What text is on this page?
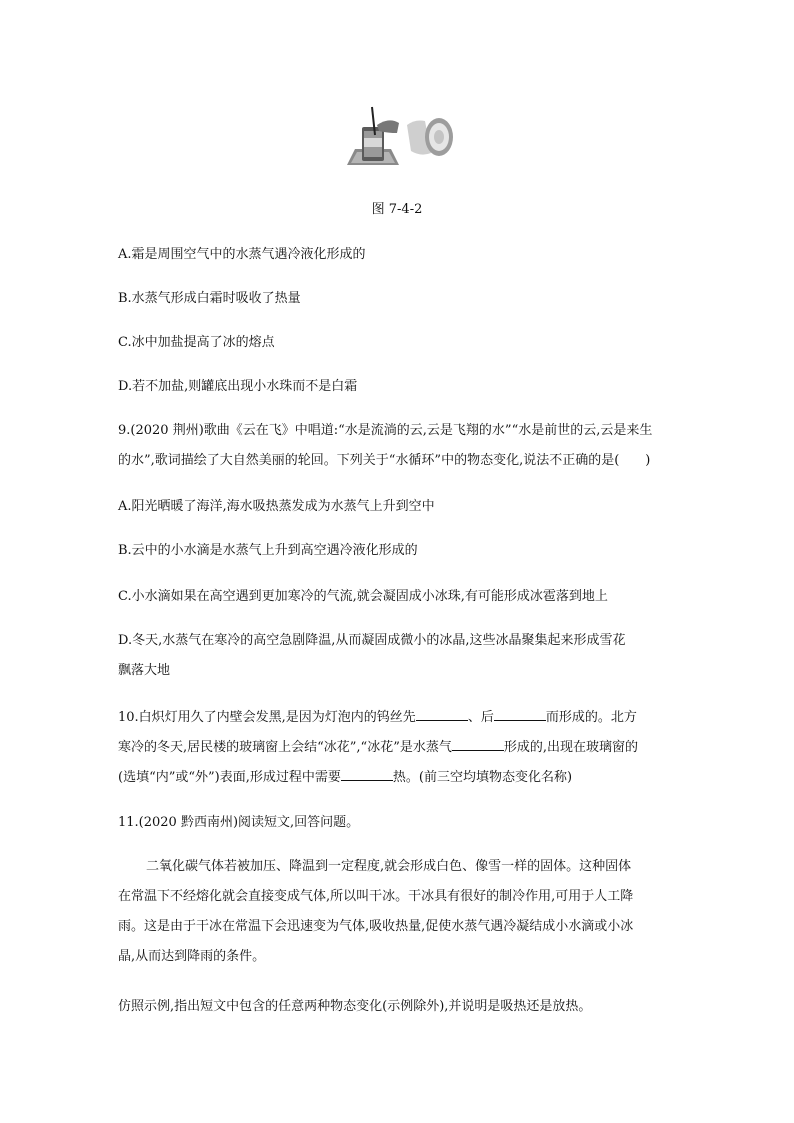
图 7-4-2
A.霜是周围空气中的水蒸气遇冷液化形成的
B.水蒸气形成白霜时吸收了热量
C.冰中加盐提高了冰的熔点
D.若不加盐,则罐底出现小水珠而不是白霜
9.(2020 荆州)歌曲《云在飞》中唱道:“水是流淌的云,云是飞翔的水”“水是前世的云,云是来生
的水”,歌词描绘了大自然美丽的轮回。下列关于“水循环”中的物态变化,说法不正确的是(　　)
A.阳光晒暖了海洋,海水吸热蒸发成为水蒸气上升到空中
B.云中的小水滴是水蒸气上升到高空遇冷液化形成的
C.小水滴如果在高空遇到更加寒冷的气流,就会凝固成小冰珠,有可能形成冰雹落到地上
D.冬天,水蒸气在寒冷的高空急剧降温,从而凝固成微小的冰晶,这些冰晶聚集起来形成雪花
飘落大地
10.白炽灯用久了内壁会发黑,是因为灯泡内的钨丝先	、后	而形成的。北方
寒冷的冬天,居民楼的玻璃窗上会结“冰花”,“冰花”是水蒸气	形成的,出现在玻璃窗的
(选填“内”或“外”)表面,形成过程中需要	热。(前三空均填物态变化名称)
11.(2020 黔西南州)阅读短文,回答问题。
二氧化碳气体若被加压、降温到一定程度,就会形成白色、像雪一样的固体。这种固体
在常温下不经熔化就会直接变成气体,所以叫干冰。干冰具有很好的制冷作用,可用于人工降
雨。这是由于干冰在常温下会迅速变为气体,吸收热量,促使水蒸气遇冷凝结成小水滴或小冰
晶,从而达到降雨的条件。
仿照示例,指出短文中包含的任意两种物态变化(示例除外),并说明是吸热还是放热。
